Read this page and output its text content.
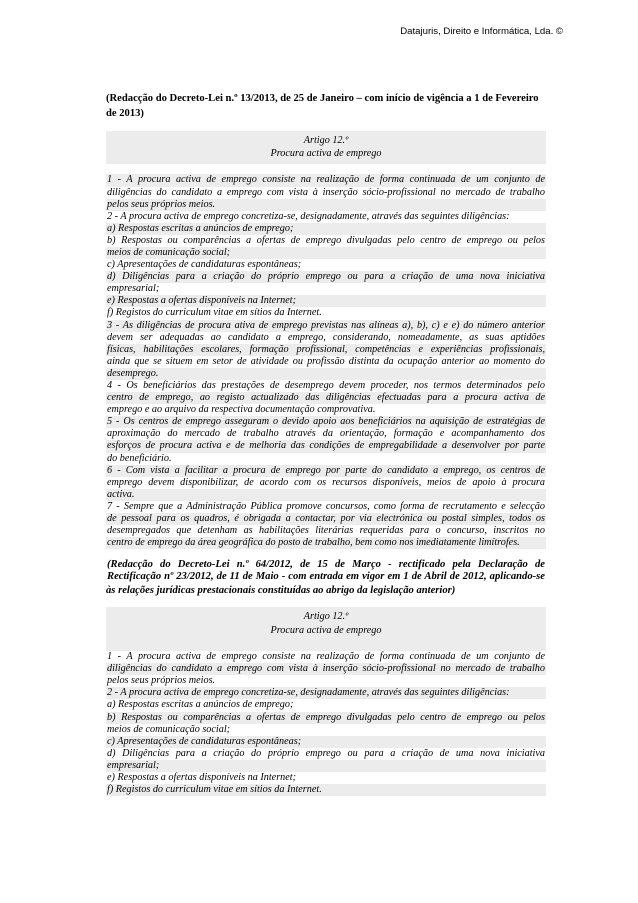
Datajuris, Direito e Informática, Lda. ©
(Redacção do Decreto-Lei n.º 13/2013, de 25 de Janeiro – com início de vigência a 1 de Fevereiro
de 2013)
Artigo 12.º
Procura activa de emprego
1 - A procura activa de emprego consiste na realização de forma continuada de um conjunto de
diligências do candidato a emprego com vista à inserção sócio-profissional no mercado de trabalho
pelos seus próprios meios.
2 - A procura activa de emprego concretiza-se, designadamente, através das seguintes diligências:
a) Respostas escritas a anúncios de emprego;
b) Respostas ou comparências a ofertas de emprego divulgadas pelo centro de emprego ou pelos
meios de comunicação social;
c) Apresentações de candidaturas espontâneas;
d) Diligências para a criação do próprio emprego ou para a criação de uma nova iniciativa
empresarial;
e) Respostas a ofertas disponíveis na Internet;
f) Registos do curriculum vitae em sítios da Internet.
3 - As diligências de procura ativa de emprego previstas nas alíneas a), b), c) e e) do número anterior
devem ser adequadas ao candidato a emprego, considerando, nomeadamente, as suas aptidões
físicas, habilitações escolares, formação profissional, competências e experiências profissionais,
ainda que se situem em setor de atividade ou profissão distinta da ocupação anterior ao momento do
desemprego.
4 - Os beneficiários das prestações de desemprego devem proceder, nos termos determinados pelo
centro de emprego, ao registo actualizado das diligências efectuadas para a procura activa de
emprego e ao arquivo da respectiva documentação comprovativa.
5 - Os centros de emprego asseguram o devido apoio aos beneficiários na aquisição de estratégias de
aproximação do mercado de trabalho através da orientação, formação e acompanhamento dos
esforços de procura activa e de melhoria das condições de empregabilidade a desenvolver por parte
do beneficiário.
6 - Com vista a facilitar a procura de emprego por parte do candidato a emprego, os centros de
emprego devem disponibilizar, de acordo com os recursos disponíveis, meios de apoio à procura
activa.
7 - Sempre que a Administração Pública promove concursos, como forma de recrutamento e selecção
de pessoal para os quadros, é obrigada a contactar, por via electrónica ou postal simples, todos os
desempregados que detenham as habilitações literárias requeridas para o concurso, inscritos no
centro de emprego da área geográfica do posto de trabalho, bem como nos imediatamente limítrofes.
(Redacção do Decreto-Lei n.º 64/2012, de 15 de Março - rectificado pela Declaração de
Rectificação nº 23/2012, de 11 de Maio - com entrada em vigor em 1 de Abril de 2012, aplicando-se
às relações jurídicas prestacionais constituídas ao abrigo da legislação anterior)
Artigo 12.º
Procura activa de emprego
1 - A procura activa de emprego consiste na realização de forma continuada de um conjunto de
diligências do candidato a emprego com vista à inserção sócio-profissional no mercado de trabalho
pelos seus próprios meios.
2 - A procura activa de emprego concretiza-se, designadamente, através das seguintes diligências:
a) Respostas escritas a anúncios de emprego;
b) Respostas ou comparências a ofertas de emprego divulgadas pelo centro de emprego ou pelos
meios de comunicação social;
c) Apresentações de candidaturas espontâneas;
d) Diligências para a criação do próprio emprego ou para a criação de uma nova iniciativa
empresarial;
e) Respostas a ofertas disponíveis na Internet;
f) Registos do curriculum vitae em sítios da Internet.
